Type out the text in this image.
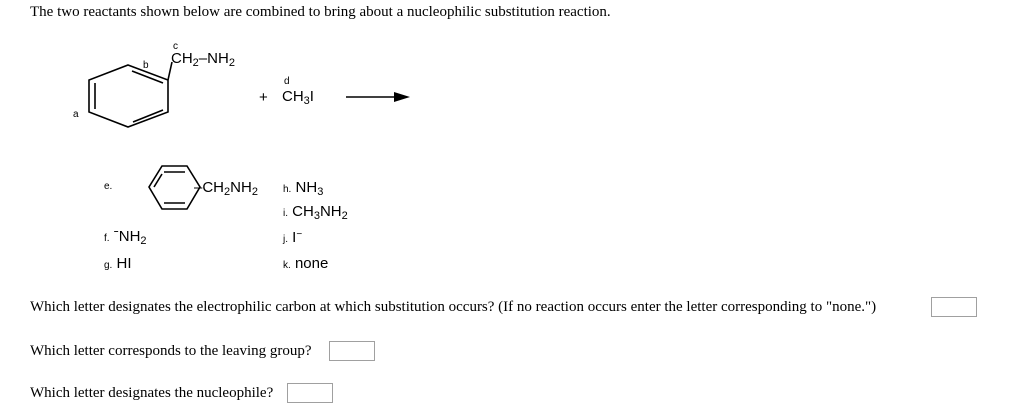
The two reactants shown below are combined to bring about a nucleophilic substitution reaction.
a
b
c
d
$CH_2-NH_2$
+ $CH_3I$
e.	$-CH_2NH_2$
f. ˉNH$_2$
g. HI
h. $NH_3$
i. $CH_3NH_2$
j. I−
k. none
Which letter designates the electrophilic carbon at which substitution occurs? (If no reaction occurs enter the letter corresponding to "none.")
Which letter corresponds to the leaving group?
Which letter designates the nucleophile?
